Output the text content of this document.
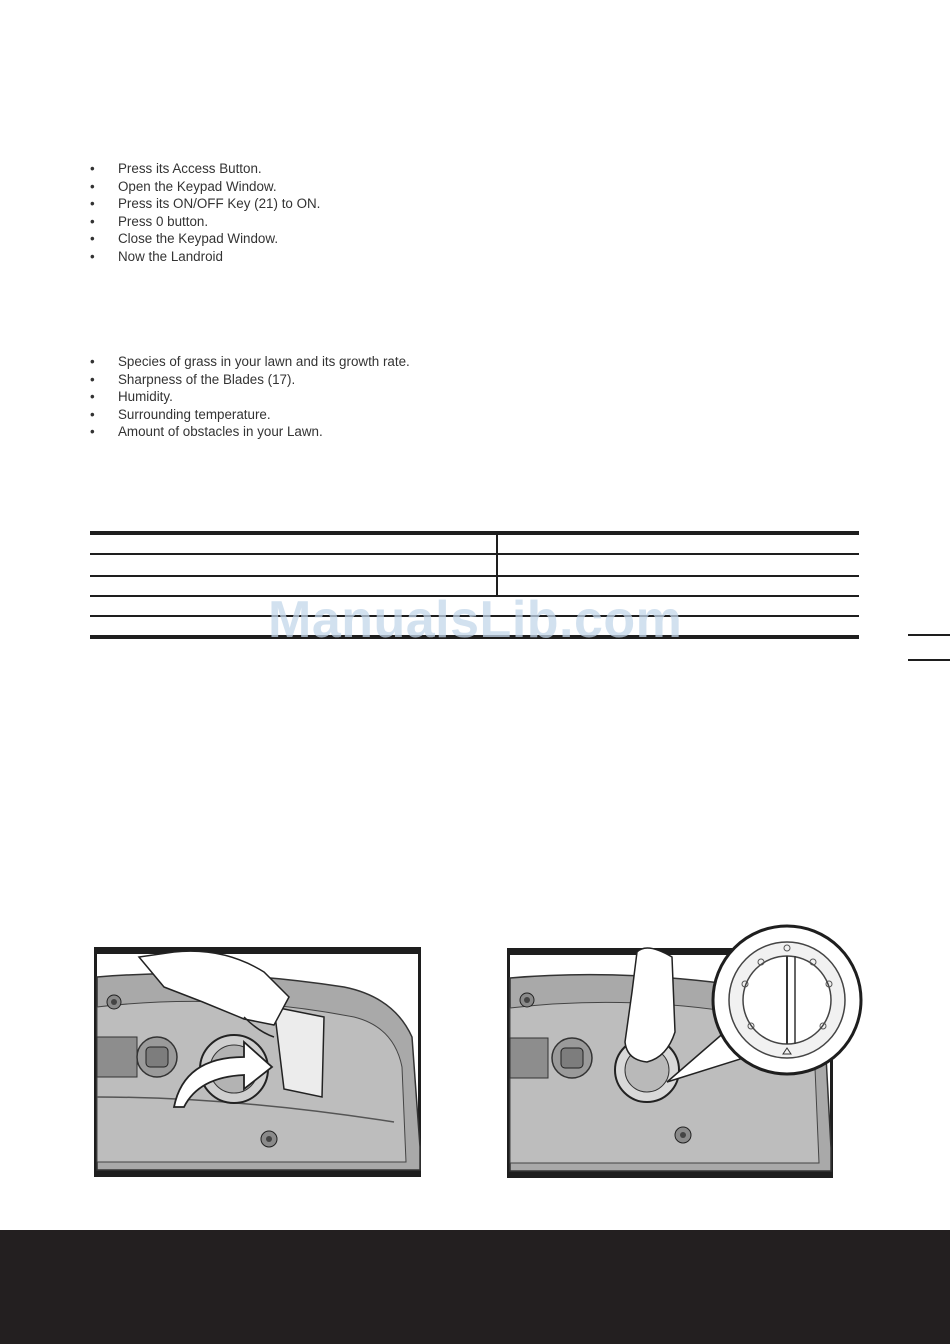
• Press its Access Button.
• Open the Keypad Window.
• Press its ON/OFF Key (21) to ON.
• Press 0 button.
• Close the Keypad Window.
• Now the Landroid
• Species of grass in your lawn and its growth rate.
• Sharpness of the Blades (17).
• Humidity.
• Surrounding temperature.
• Amount of obstacles in your Lawn.
ManualsLib.com
